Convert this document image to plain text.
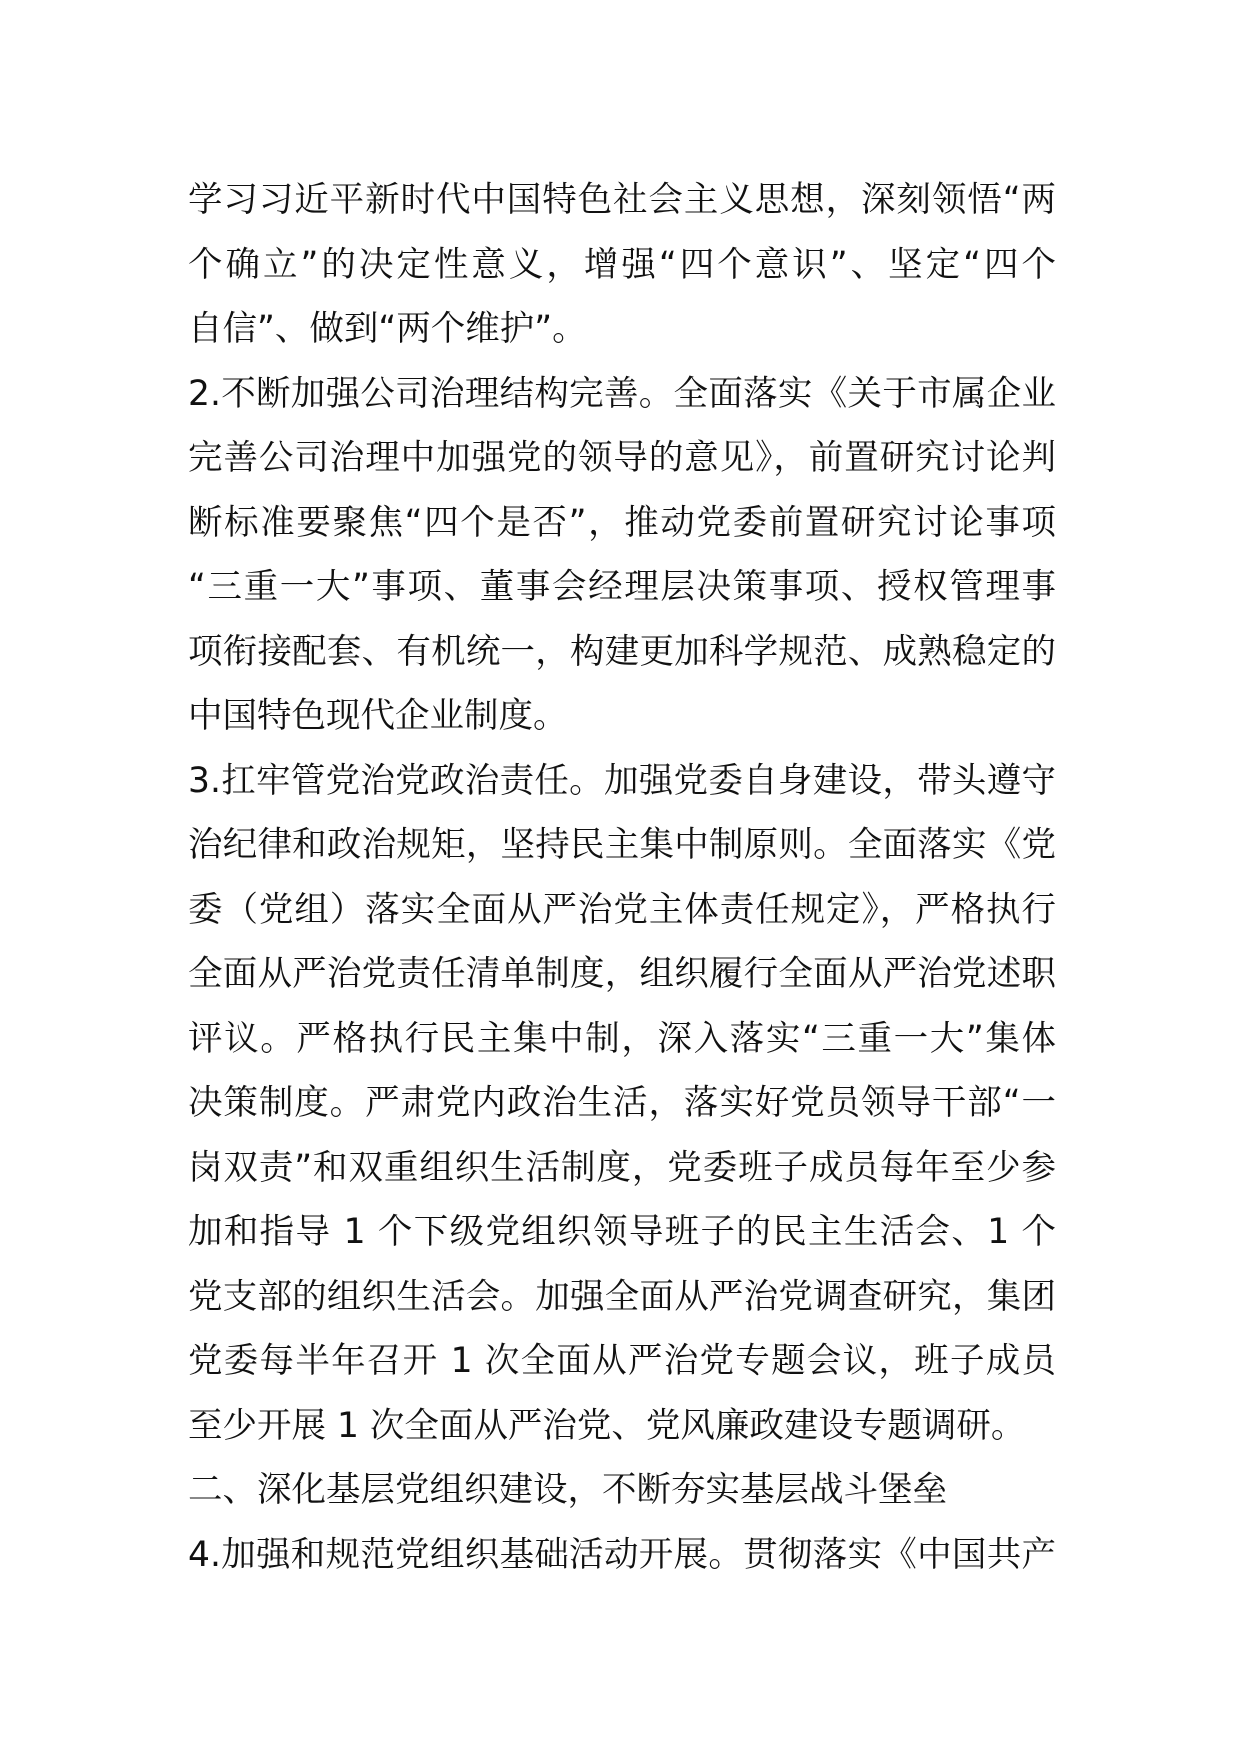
学习习近平新时代中国特色社会主义思想，深刻领悟“两
个确立”的决定性意义，增强“四个意识”、坚定“四个
自信”、做到“两个维护”。
2.不断加强公司治理结构完善。全面落实《关于市属企业
完善公司治理中加强党的领导的意见》，前置研究讨论判
断标准要聚焦“四个是否”，推动党委前置研究讨论事项
“三重一大”事项、董事会经理层决策事项、授权管理事
项衔接配套、有机统一，构建更加科学规范、成熟稳定的
中国特色现代企业制度。
3.扛牢管党治党政治责任。加强党委自身建设，带头遵守
治纪律和政治规矩，坚持民主集中制原则。全面落实《党
委（党组）落实全面从严治党主体责任规定》，严格执行
全面从严治党责任清单制度，组织履行全面从严治党述职
评议。严格执行民主集中制，深入落实“三重一大”集体
决策制度。严肃党内政治生活，落实好党员领导干部“一
岗双责”和双重组织生活制度，党委班子成员每年至少参
加和指导 1 个下级党组织领导班子的民主生活会、1 个
党支部的组织生活会。加强全面从严治党调查研究，集团
党委每半年召开 1 次全面从严治党专题会议，班子成员
至少开展 1 次全面从严治党、党风廉政建设专题调研。
二、深化基层党组织建设，不断夯实基层战斗堡垒
4.加强和规范党组织基础活动开展。贯彻落实《中国共产
